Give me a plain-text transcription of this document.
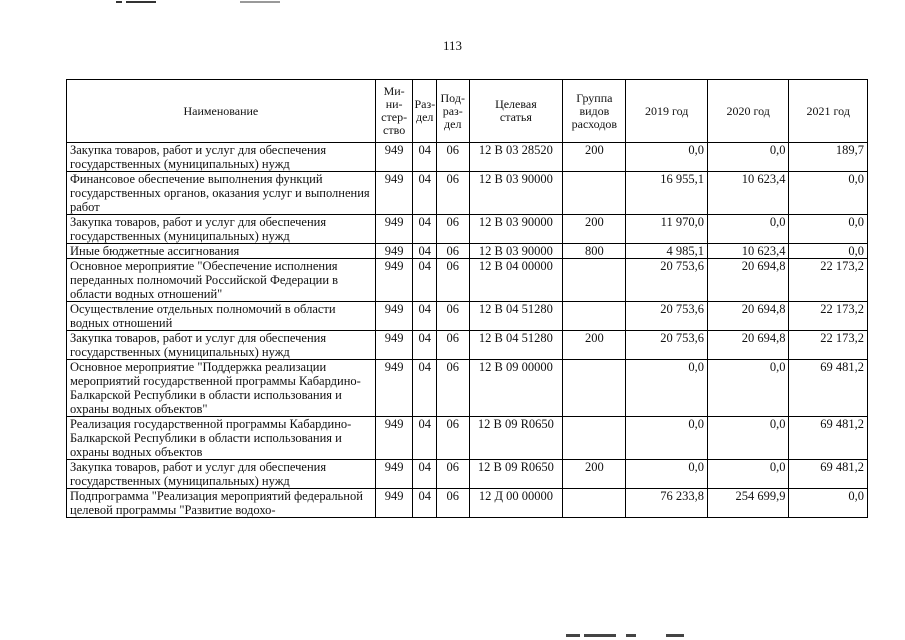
113
Наименование	Ми-
ни-
стер-
ство	Раз-
дел	Под-
раз-
дел	Целевая
статья	Группа
видов
расходов	2019 год	2020 год	2021 год
Закупка товаров, работ и услуг для обеспечения государственных (муниципальных) нужд	949	04	06	12 В 03 28520	200	0,0	0,0	189,7
Финансовое обеспечение выполнения функций государственных органов, оказания услуг и выполнения работ	949	04	06	12 В 03 90000		16 955,1	10 623,4	0,0
Закупка товаров, работ и услуг для обеспечения государственных (муниципальных) нужд	949	04	06	12 В 03 90000	200	11 970,0	0,0	0,0
Иные бюджетные ассигнования	949	04	06	12 В 03 90000	800	4 985,1	10 623,4	0,0
Основное мероприятие "Обеспечение исполнения переданных полномочий Российской Федерации в области водных отношений"	949	04	06	12 В 04 00000		20 753,6	20 694,8	22 173,2
Осуществление отдельных полномочий в области водных отношений	949	04	06	12 В 04 51280		20 753,6	20 694,8	22 173,2
Закупка товаров, работ и услуг для обеспечения государственных (муниципальных) нужд	949	04	06	12 В 04 51280	200	20 753,6	20 694,8	22 173,2
Основное мероприятие "Поддержка реализации мероприятий государственной программы Кабардино-Балкарской Республики в области использования и охраны водных объектов"	949	04	06	12 В 09 00000		0,0	0,0	69 481,2
Реализация государственной программы Кабардино-Балкарской Республики в области использования и охраны водных объектов	949	04	06	12 В 09 R0650		0,0	0,0	69 481,2
Закупка товаров, работ и услуг для обеспечения государственных (муниципальных) нужд	949	04	06	12 В 09 R0650	200	0,0	0,0	69 481,2
Подпрограмма "Реализация мероприятий федеральной целевой программы "Развитие водохо-	949	04	06	12 Д 00 00000		76 233,8	254 699,9	0,0
